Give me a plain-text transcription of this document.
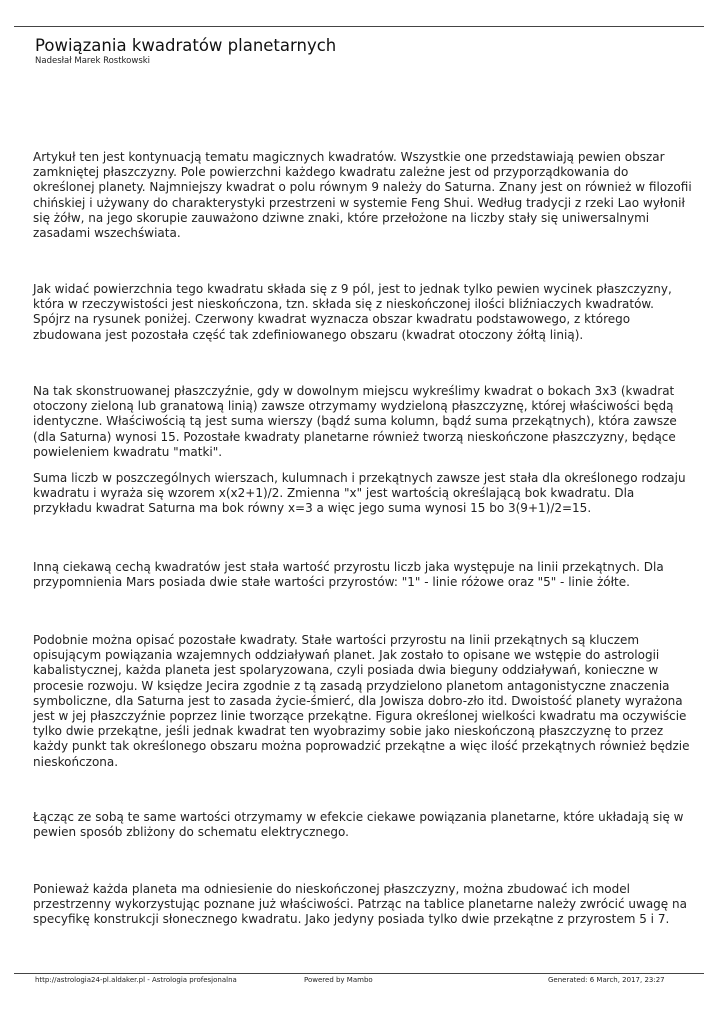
Powiązania kwadratów planetarnych
Nadesłał Marek Rostkowski

Artykuł ten jest kontynuacją tematu magicznych kwadratów. Wszystkie one przedstawiają pewien obszar zamkniętej płaszczyzny. Pole powierzchni każdego kwadratu zależne jest od przyporządkowania do określonej planety. Najmniejszy kwadrat o polu równym 9 należy do Saturna. Znany jest on również w filozofii chińskiej i używany do charakterystyki przestrzeni w systemie Feng Shui. Według tradycji z rzeki Lao wyłonił się żółw, na jego skorupie zauważono dziwne znaki, które przełożone na liczby stały się uniwersalnymi zasadami wszechświata.

Jak widać powierzchnia tego kwadratu składa się z 9 pól, jest to jednak tylko pewien wycinek płaszczyzny, która w rzeczywistości jest nieskończona, tzn. składa się z nieskończonej ilości bliźniaczych kwadratów. Spójrz na rysunek poniżej. Czerwony kwadrat wyznacza obszar kwadratu podstawowego, z którego zbudowana jest pozostała część tak zdefiniowanego obszaru (kwadrat otoczony żółtą linią).

Na tak skonstruowanej płaszczyźnie, gdy w dowolnym miejscu wykreślimy kwadrat o bokach 3x3 (kwadrat otoczony zieloną lub granatową linią) zawsze otrzymamy wydzieloną płaszczyznę, której właściwości będą identyczne. Właściwością tą jest suma wierszy (bądź suma kolumn, bądź suma przekątnych), która zawsze (dla Saturna) wynosi 15. Pozostałe kwadraty planetarne również tworzą nieskończone płaszczyzny, będące powieleniem kwadratu "matki".

Suma liczb w poszczególnych wierszach, kulumnach i przekątnych zawsze jest stała dla określonego rodzaju kwadratu i wyraża się wzorem x(x2+1)/2. Zmienna "x" jest wartością określającą bok kwadratu. Dla przykładu kwadrat Saturna ma bok równy x=3 a więc jego suma wynosi 15 bo 3(9+1)/2=15.

Inną ciekawą cechą kwadratów jest stała wartość przyrostu liczb jaka występuje na linii przekątnych. Dla przypomnienia Mars posiada dwie stałe wartości przyrostów: "1" - linie różowe oraz "5" - linie żółte.

Podobnie można opisać pozostałe kwadraty. Stałe wartości przyrostu na linii przekątnych są kluczem opisującym powiązania wzajemnych oddziaływań planet. Jak zostało to opisane we wstępie do astrologii kabalistycznej, każda planeta jest spolaryzowana, czyli posiada dwia bieguny oddziaływań, konieczne w procesie rozwoju. W księdze Jecira zgodnie z tą zasadą przydzielono planetom antagonistyczne znaczenia symboliczne, dla Saturna jest to zasada życie-śmierć, dla Jowisza dobro-zło itd. Dwoistość planety wyrażona jest w jej płaszczyźnie poprzez linie tworzące przekątne. Figura określonej wielkości kwadratu ma oczywiście tylko dwie przekątne, jeśli jednak kwadrat ten wyobrazimy sobie jako nieskończoną płaszczyznę to przez każdy punkt tak określonego obszaru można poprowadzić przekątne a więc ilość przekątnych również będzie nieskończona.

Łącząc ze sobą te same wartości otrzymamy w efekcie ciekawe powiązania planetarne, które układają się w pewien sposób zbliżony do schematu elektrycznego.

Ponieważ każda planeta ma odniesienie do nieskończonej płaszczyzny, można zbudować ich model przestrzenny wykorzystując poznane już właściwości. Patrząc na tablice planetarne należy zwrócić uwagę na specyfikę konstrukcji słonecznego kwadratu. Jako jedyny posiada tylko dwie przekątne z przyrostem 5 i 7.

http://astrologia24-pl.aldaker.pl - Astrologia profesjonalna	Powered by Mambo	Generated: 6 March, 2017, 23:27
